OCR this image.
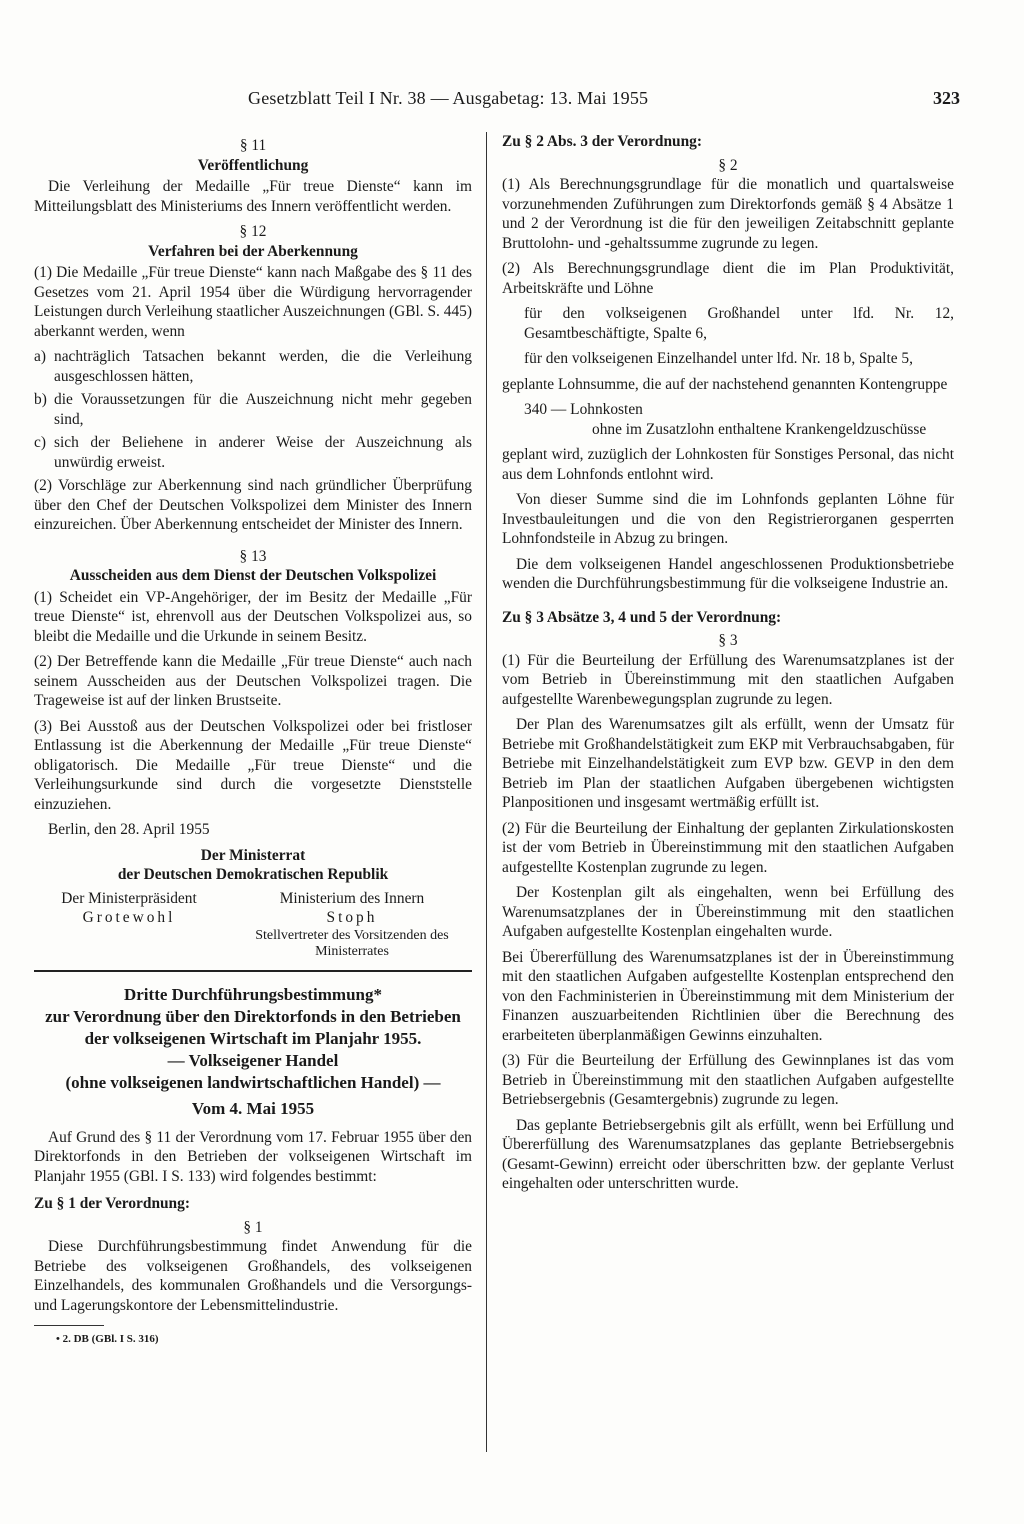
Gesetzblatt Teil I Nr. 38 — Ausgabetag: 13. Mai 1955	323
§ 11
Veröffentlichung

Die Verleihung der Medaille „Für treue Dienste“ kann im Mitteilungsblatt des Ministeriums des Innern veröffentlicht werden.

§ 12
Verfahren bei der Aberkennung

(1) Die Medaille „Für treue Dienste“ kann nach Maßgabe des § 11 des Gesetzes vom 21. April 1954 über die Würdigung hervorragender Leistungen durch Verleihung staatlicher Auszeichnungen (GBl. S. 445) aberkannt werden, wenn

a) nachträglich Tatsachen bekannt werden, die die Verleihung ausgeschlossen hätten,
b) die Voraussetzungen für die Auszeichnung nicht mehr gegeben sind,
c) sich der Beliehene in anderer Weise der Auszeichnung als unwürdig erweist.

(2) Vorschläge zur Aberkennung sind nach gründlicher Überprüfung über den Chef der Deutschen Volkspolizei dem Minister des Innern einzureichen. Über Aberkennung entscheidet der Minister des Innern.

§ 13
Ausscheiden aus dem Dienst der Deutschen Volkspolizei

(1) Scheidet ein VP-Angehöriger, der im Besitz der Medaille „Für treue Dienste“ ist, ehrenvoll aus der Deutschen Volkspolizei aus, so bleibt die Medaille und die Urkunde in seinem Besitz.

(2) Der Betreffende kann die Medaille „Für treue Dienste“ auch nach seinem Ausscheiden aus der Deutschen Volkspolizei tragen. Die Trageweise ist auf der linken Brustseite.

(3) Bei Ausstoß aus der Deutschen Volkspolizei oder bei fristloser Entlassung ist die Aberkennung der Medaille „Für treue Dienste“ obligatorisch. Die Medaille „Für treue Dienste“ und die Verleihungsurkunde sind durch die vorgesetzte Dienststelle einzuziehen.

Berlin, den 28. April 1955

Der Ministerrat
der Deutschen Demokratischen Republik
Der Ministerpräsident
Grotewohl
Ministerium des Innern
Stoph
Stellvertreter des Vorsitzenden des Ministerrates

Dritte Durchführungsbestimmung*

zur Verordnung über den Direktorfonds in den Betrieben der volkseigenen Wirtschaft im Planjahr 1955.

— Volkseigener Handel

(ohne volkseigenen landwirtschaftlichen Handel) —

Vom 4. Mai 1955

Auf Grund des § 11 der Verordnung vom 17. Februar 1955 über den Direktorfonds in den Betrieben der volkseigenen Wirtschaft im Planjahr 1955 (GBl. I S. 133) wird folgendes bestimmt:

Zu § 1 der Verordnung:
§ 1

Diese Durchführungsbestimmung findet Anwendung für die Betriebe des volkseigenen Großhandels, des volkseigenen Einzelhandels, des kommunalen Großhandels und die Versorgungs- und Lagerungskontore der Lebensmittelindustrie.

• 2. DB (GBl. I S. 316)
Zu § 2 Abs. 3 der Verordnung:
§ 2

(1) Als Berechnungsgrundlage für die monatlich und quartalsweise vorzunehmenden Zuführungen zum Direktorfonds gemäß § 4 Absätze 1 und 2 der Verordnung ist die für den jeweiligen Zeitabschnitt geplante Bruttolohn- und -gehaltssumme zugrunde zu legen.

(2) Als Berechnungsgrundlage dient die im Plan Produktivität, Arbeitskräfte und Löhne

für den volkseigenen Großhandel unter lfd. Nr. 12, Gesamtbeschäftigte, Spalte 6,

für den volkseigenen Einzelhandel unter lfd. Nr. 18 b, Spalte 5,

geplante Lohnsumme, die auf der nachstehend genannten Kontengruppe

340 — Lohnkosten

ohne im Zusatzlohn enthaltene Krankengeldzuschüsse

geplant wird, zuzüglich der Lohnkosten für Sonstiges Personal, das nicht aus dem Lohnfonds entlohnt wird.

Von dieser Summe sind die im Lohnfonds geplanten Löhne für Investbauleitungen und die von den Registrierorganen gesperrten Lohnfondsteile in Abzug zu bringen.

Die dem volkseigenen Handel angeschlossenen Produktionsbetriebe wenden die Durchführungsbestimmung für die volkseigene Industrie an.

Zu § 3 Absätze 3, 4 und 5 der Verordnung:
§ 3

(1) Für die Beurteilung der Erfüllung des Warenumsatzplanes ist der vom Betrieb in Übereinstimmung mit den staatlichen Aufgaben aufgestellte Warenbewegungsplan zugrunde zu legen.

Der Plan des Warenumsatzes gilt als erfüllt, wenn der Umsatz für Betriebe mit Großhandelstätigkeit zum EKP mit Verbrauchsabgaben, für Betriebe mit Einzelhandelstätigkeit zum EVP bzw. GEVP in den dem Betrieb im Plan der staatlichen Aufgaben übergebenen wichtigsten Planpositionen und insgesamt wertmäßig erfüllt ist.

(2) Für die Beurteilung der Einhaltung der geplanten Zirkulationskosten ist der vom Betrieb in Übereinstimmung mit den staatlichen Aufgaben aufgestellte Kostenplan zugrunde zu legen.

Der Kostenplan gilt als eingehalten, wenn bei Erfüllung des Warenumsatzplanes der in Übereinstimmung mit den staatlichen Aufgaben aufgestellte Kostenplan eingehalten wurde.

Bei Übererfüllung des Warenumsatzplanes ist der in Übereinstimmung mit den staatlichen Aufgaben aufgestellte Kostenplan entsprechend den von den Fachministerien in Übereinstimmung mit dem Ministerium der Finanzen auszuarbeitenden Richtlinien über die Berechnung des erarbeiteten überplanmäßigen Gewinns einzuhalten.

(3) Für die Beurteilung der Erfüllung des Gewinnplanes ist das vom Betrieb in Übereinstimmung mit den staatlichen Aufgaben aufgestellte Betriebsergebnis (Gesamtergebnis) zugrunde zu legen.

Das geplante Betriebsergebnis gilt als erfüllt, wenn bei Erfüllung und Übererfüllung des Warenumsatzplanes das geplante Betriebsergebnis (Gesamt-Gewinn) erreicht oder überschritten bzw. der geplante Verlust eingehalten oder unterschritten wurde.
